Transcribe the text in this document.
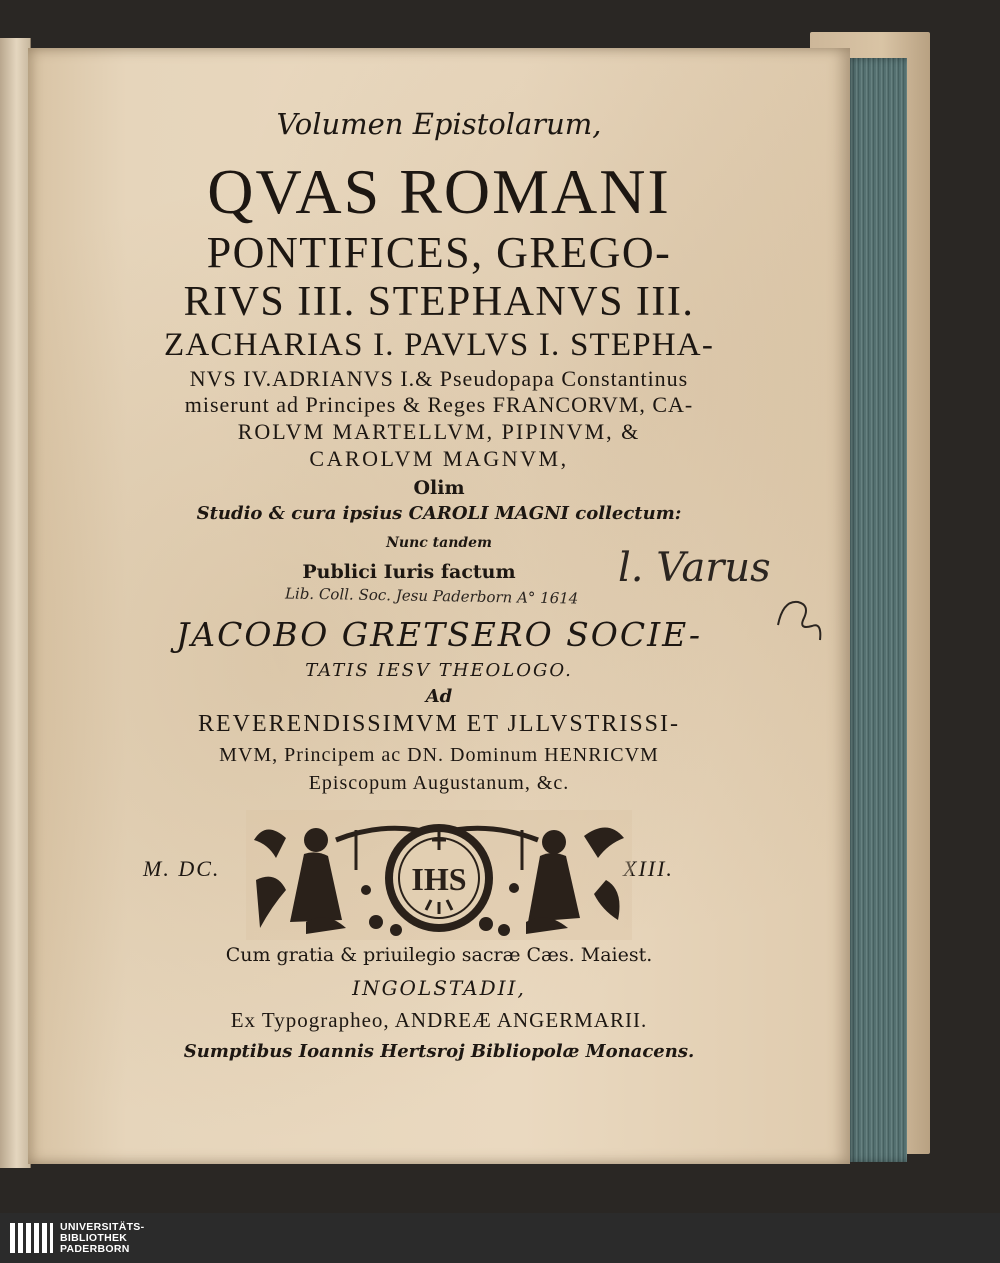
Volumen Epistolarum,
QVAS ROMANI
PONTIFICES, GREGO-
RIVS III. STEPHANVS III.
ZACHARIAS I. PAVLVS I. STEPHA-
NVS IV.ADRIANVS I.& Pseudopapa Constantinus
miserunt ad Principes & Reges FRANCORVM, CA-
ROLVM MARTELLVM, PIPINVM, &
CAROLVM MAGNVM,
Olim
Studio & cura ipsius CAROLI MAGNI collectum:
Nunc tandem
Publici Iuris factum
Lib. Coll. Soc. Jesu Paderborn A° 1614
JACOBO GRETSERO SOCIE-
TATIS IESV THEOLOGO.
Ad
REVERENDISSIMVM ET JLLVSTRISSI-
MVM, Principem ac DN. Dominum HENRICVM
Episcopum Augustanum, &c.
l. Varus
M. DC.	XIII.
IHS
Cum gratia & priuilegio sacræ Cæs. Maiest.
INGOLSTADII,
Ex Typographeo, ANDREÆ ANGERMARII.
Sumptibus Ioannis Hertsroj Bibliopolæ Monacens.
UNIVERSITÄTS-
BIBLIOTHEK
PADERBORN
